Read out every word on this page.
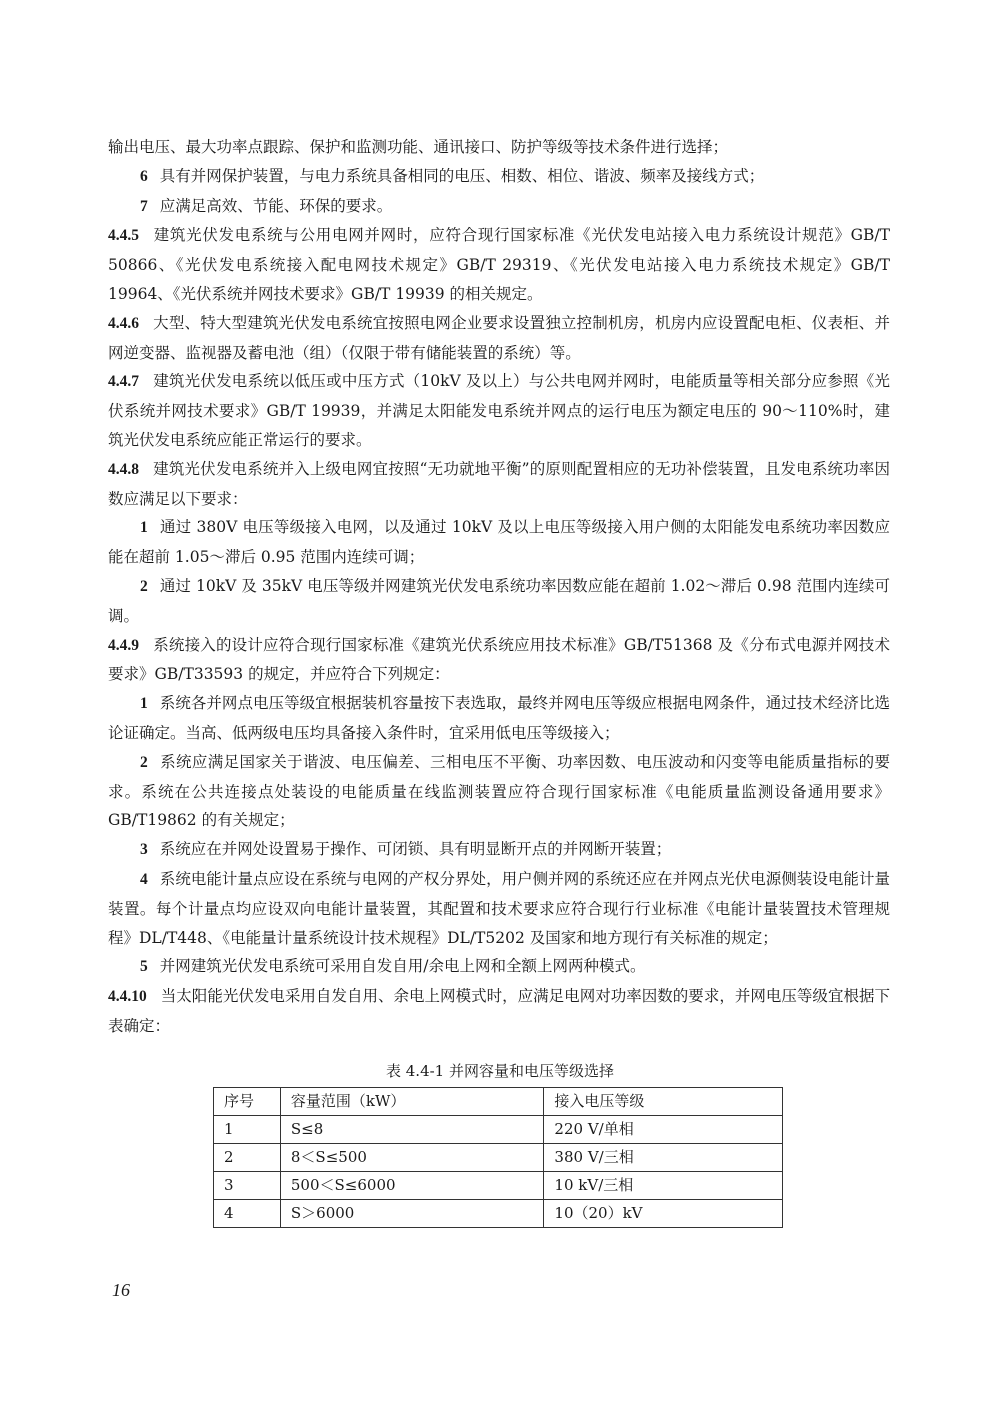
输出电压、最大功率点跟踪、保护和监测功能、通讯接口、防护等级等技术条件进行选择；

6 具有并网保护装置，与电力系统具备相同的电压、相数、相位、谐波、频率及接线方式；

7 应满足高效、节能、环保的要求。

4.4.5 建筑光伏发电系统与公用电网并网时，应符合现行国家标准《光伏发电站接入电力系统设计规范》GB/T 50866、《光伏发电系统接入配电网技术规定》GB/T 29319、《光伏发电站接入电力系统技术规定》GB/T 19964、《光伏系统并网技术要求》GB/T 19939 的相关规定。

4.4.6 大型、特大型建筑光伏发电系统宜按照电网企业要求设置独立控制机房，机房内应设置配电柜、仪表柜、并网逆变器、监视器及蓄电池（组）（仅限于带有储能装置的系统）等。

4.4.7 建筑光伏发电系统以低压或中压方式（10kV 及以上）与公共电网并网时，电能质量等相关部分应参照《光伏系统并网技术要求》GB/T 19939，并满足太阳能发电系统并网点的运行电压为额定电压的 90～110%时，建筑光伏发电系统应能正常运行的要求。

4.4.8 建筑光伏发电系统并入上级电网宜按照“无功就地平衡”的原则配置相应的无功补偿装置，且发电系统功率因数应满足以下要求：

1 通过 380V 电压等级接入电网，以及通过 10kV 及以上电压等级接入用户侧的太阳能发电系统功率因数应能在超前 1.05～滞后 0.95 范围内连续可调；

2 通过 10kV 及 35kV 电压等级并网建筑光伏发电系统功率因数应能在超前 1.02～滞后 0.98 范围内连续可调。

4.4.9 系统接入的设计应符合现行国家标准《建筑光伏系统应用技术标准》GB/T51368 及《分布式电源并网技术要求》GB/T33593 的规定，并应符合下列规定：

1 系统各并网点电压等级宜根据装机容量按下表选取，最终并网电压等级应根据电网条件，通过技术经济比选论证确定。当高、低两级电压均具备接入条件时，宜采用低电压等级接入；

2 系统应满足国家关于谐波、电压偏差、三相电压不平衡、功率因数、电压波动和闪变等电能质量指标的要求。系统在公共连接点处装设的电能质量在线监测装置应符合现行国家标准《电能质量监测设备通用要求》GB/T19862 的有关规定；

3 系统应在并网处设置易于操作、可闭锁、具有明显断开点的并网断开装置；

4 系统电能计量点应设在系统与电网的产权分界处，用户侧并网的系统还应在并网点光伏电源侧装设电能计量装置。每个计量点均应设双向电能计量装置，其配置和技术要求应符合现行行业标准《电能计量装置技术管理规程》DL/T448、《电能量计量系统设计技术规程》DL/T5202 及国家和地方现行有关标准的规定；

5 并网建筑光伏发电系统可采用自发自用/余电上网和全额上网两种模式。

4.4.10 当太阳能光伏发电采用自发自用、余电上网模式时，应满足电网对功率因数的要求，并网电压等级宜根据下表确定：

表 4.4-1 并网容量和电压等级选择
序号	容量范围（kW）	接入电压等级
1	S≤8	220 V/单相
2	8＜S≤500	380 V/三相
3	500＜S≤6000	10 kV/三相
4	S＞6000	10（20）kV
16
